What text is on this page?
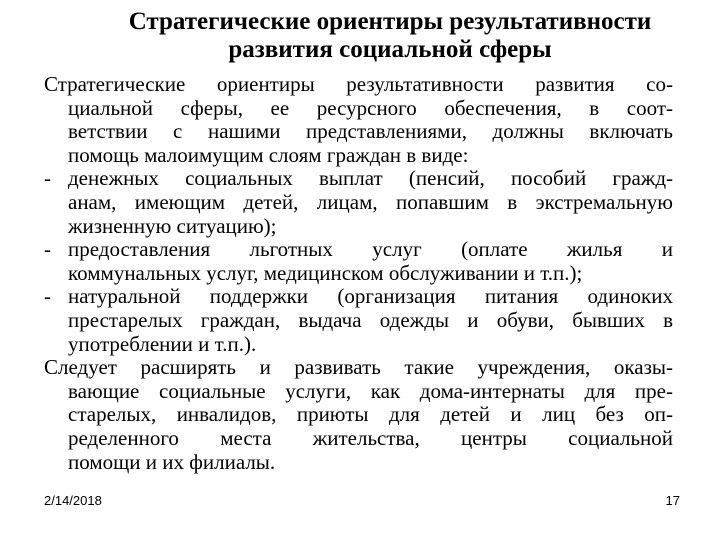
Стратегические ориентиры результативности
развития социальной сферы
Стратегические ориентиры результативности развития со-
циальной сферы, ее ресурсного обеспечения, в соот-
ветствии с нашими представлениями, должны включать
помощь малоимущим слоям граждан в виде:
- денежных социальных выплат (пенсий, пособий гражд-
анам, имеющим детей, лицам, попавшим в экстремальную
жизненную ситуацию);
- предоставления льготных услуг (оплате жилья и
коммунальных услуг, медицинском обслуживании и т.п.);
- натуральной поддержки (организация питания одиноких
престарелых граждан, выдача одежды и обуви, бывших в
употреблении и т.п.).
Следует расширять и развивать такие учреждения, оказы-
вающие социальные услуги, как дома-интернаты для пре-
старелых, инвалидов, приюты для детей и лиц без оп-
ределенного места жительства, центры социальной
помощи и их филиалы.
2/14/2018	17
